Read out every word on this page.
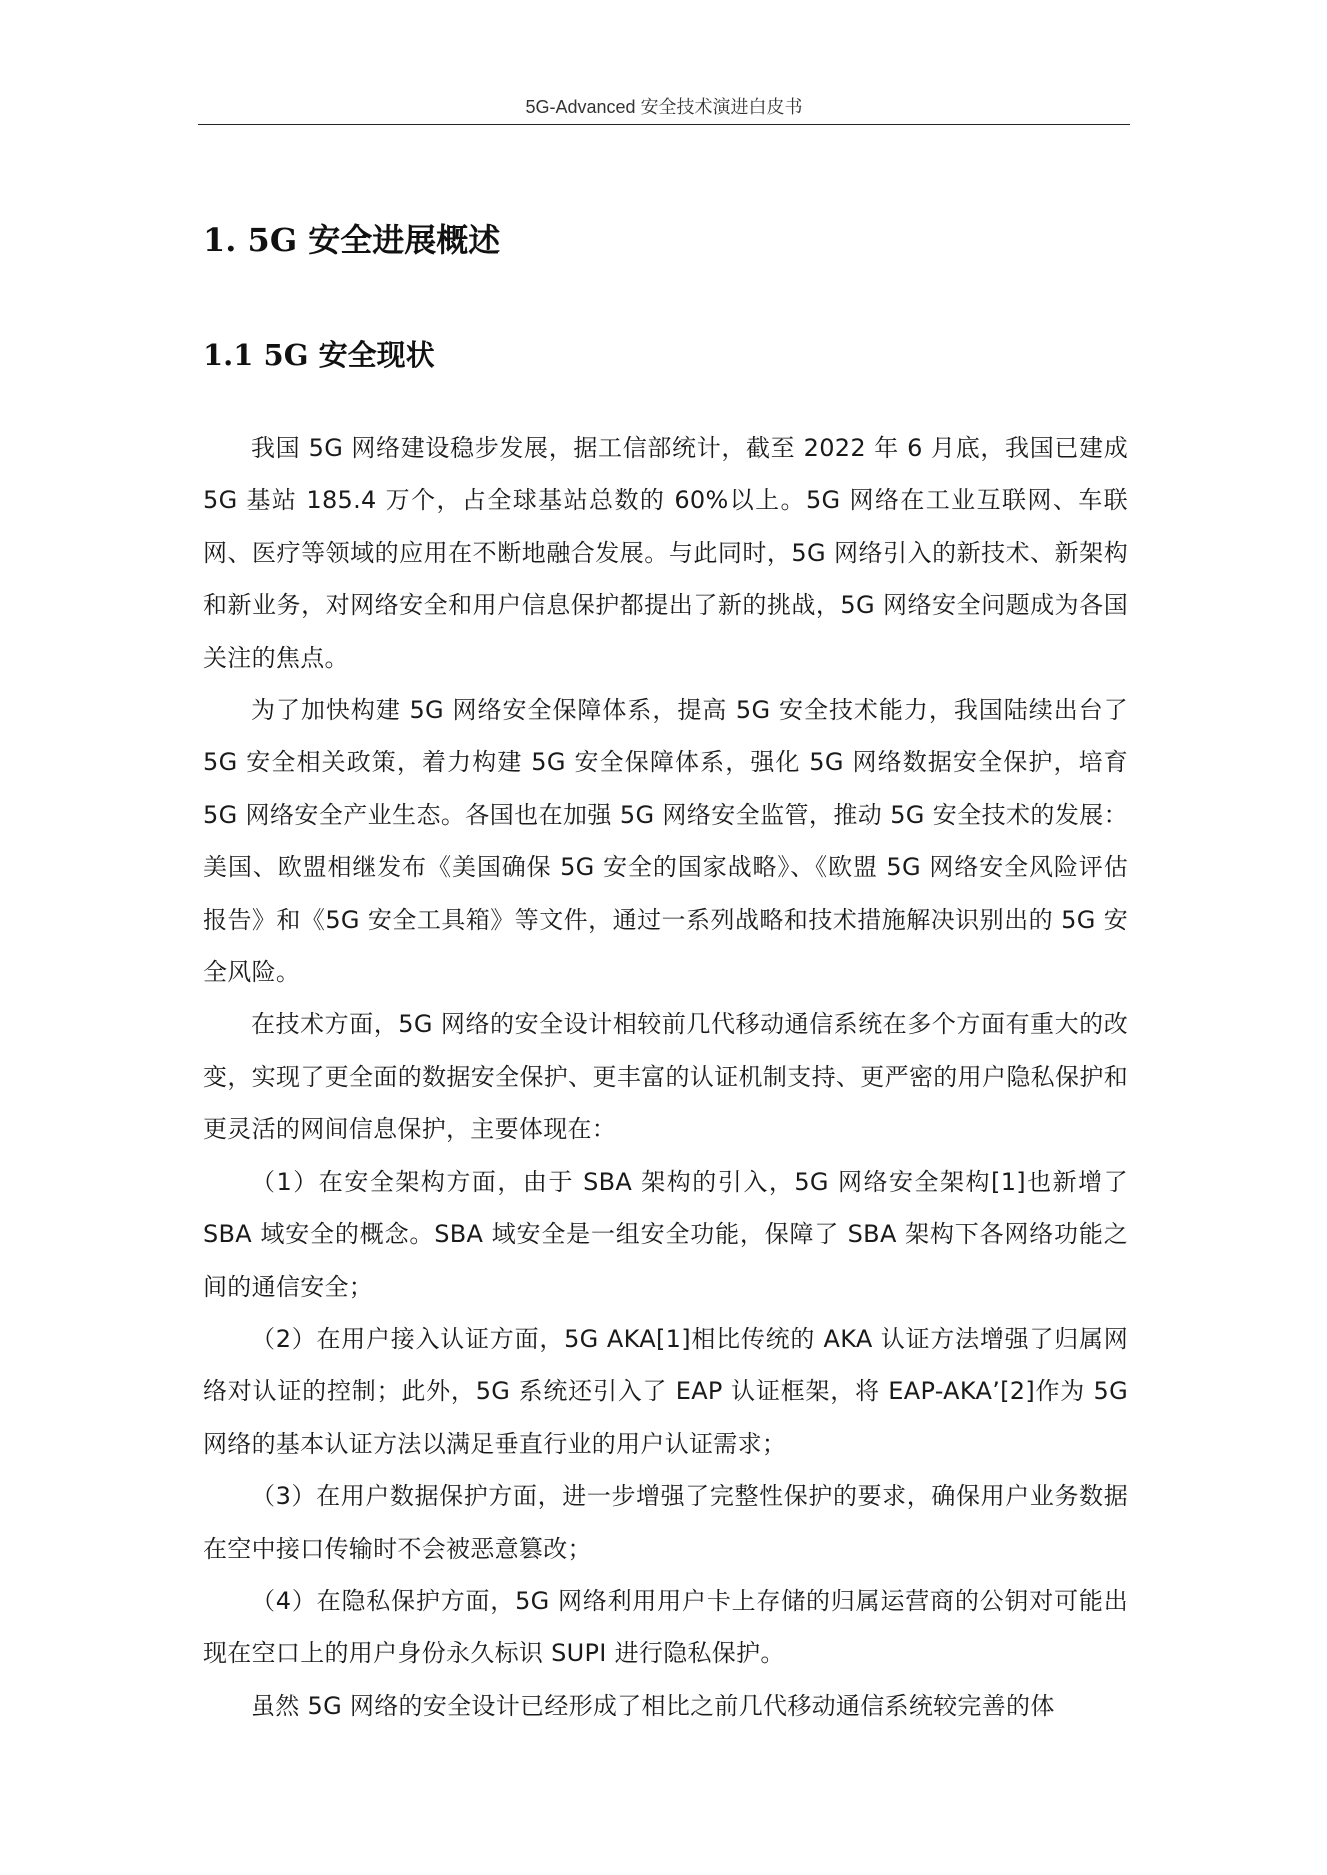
5G-Advanced 安全技术演进白皮书
1. 5G 安全进展概述
1.1 5G 安全现状

我国 5G 网络建设稳步发展，据工信部统计，截至 2022 年 6 月底，我国已建成 5G 基站 185.4 万个，占全球基站总数的 60%以上。5G 网络在工业互联网、车联网、医疗等领域的应用在不断地融合发展。与此同时，5G 网络引入的新技术、新架构和新业务，对网络安全和用户信息保护都提出了新的挑战，5G 网络安全问题成为各国关注的焦点。

为了加快构建 5G 网络安全保障体系，提高 5G 安全技术能力，我国陆续出台了 5G 安全相关政策，着力构建 5G 安全保障体系，强化 5G 网络数据安全保护，培育 5G 网络安全产业生态。各国也在加强 5G 网络安全监管，推动 5G 安全技术的发展：美国、欧盟相继发布《美国确保 5G 安全的国家战略》、《欧盟 5G 网络安全风险评估报告》和《5G 安全工具箱》等文件，通过一系列战略和技术措施解决识别出的 5G 安全风险。

在技术方面，5G 网络的安全设计相较前几代移动通信系统在多个方面有重大的改变，实现了更全面的数据安全保护、更丰富的认证机制支持、更严密的用户隐私保护和更灵活的网间信息保护，主要体现在：

（1）在安全架构方面，由于 SBA 架构的引入，5G 网络安全架构[1]也新增了 SBA 域安全的概念。SBA 域安全是一组安全功能，保障了 SBA 架构下各网络功能之间的通信安全；

（2）在用户接入认证方面，5G AKA[1]相比传统的 AKA 认证方法增强了归属网络对认证的控制；此外，5G 系统还引入了 EAP 认证框架，将 EAP-AKA’[2]作为 5G 网络的基本认证方法以满足垂直行业的用户认证需求；

（3）在用户数据保护方面，进一步增强了完整性保护的要求，确保用户业务数据在空中接口传输时不会被恶意篡改；

（4）在隐私保护方面，5G 网络利用用户卡上存储的归属运营商的公钥对可能出现在空口上的用户身份永久标识 SUPI 进行隐私保护。

虽然 5G 网络的安全设计已经形成了相比之前几代移动通信系统较完善的体
